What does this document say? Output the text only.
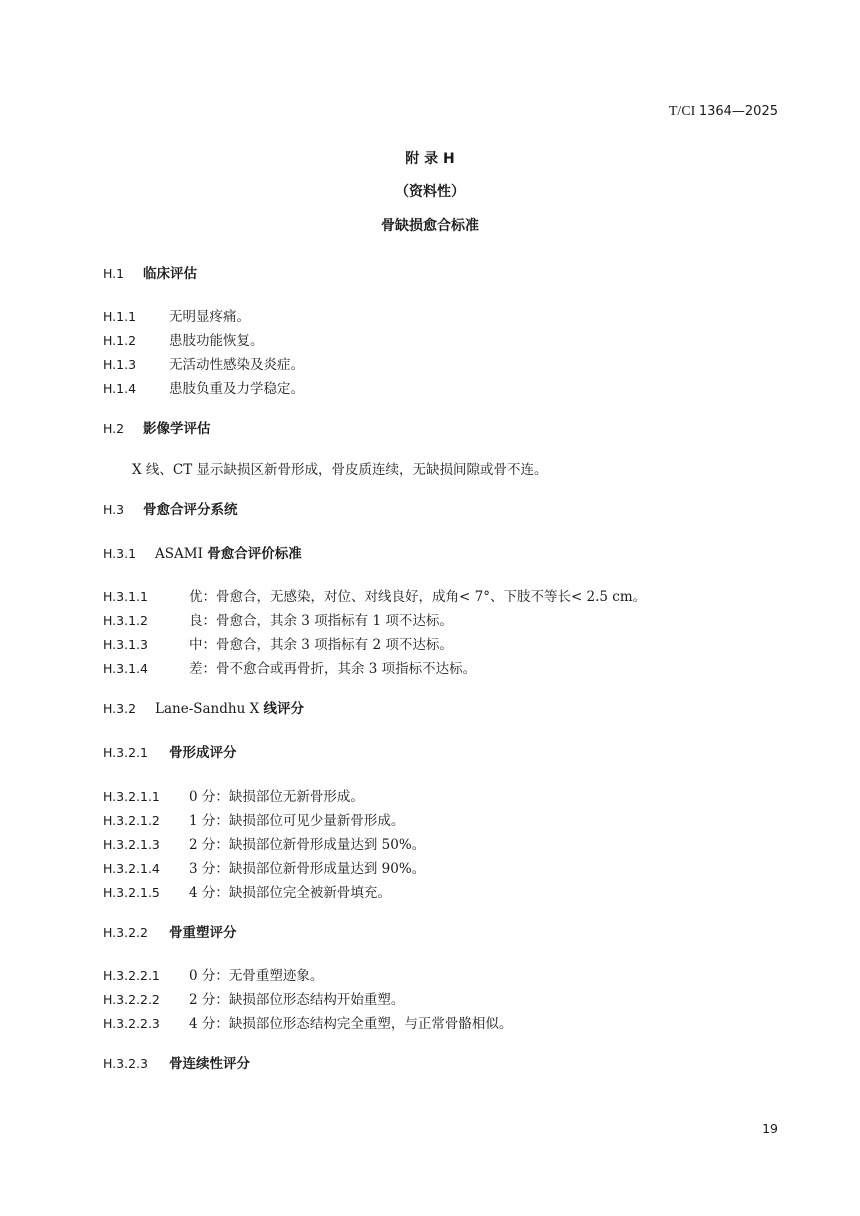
T/CI 1364—2025
附 录 H
（资料性）
骨缺损愈合标准
H.1 临床评估
H.1.1 无明显疼痛。
H.1.2 患肢功能恢复。
H.1.3 无活动性感染及炎症。
H.1.4 患肢负重及力学稳定。
H.2 影像学评估
X 线、CT 显示缺损区新骨形成，骨皮质连续，无缺损间隙或骨不连。
H.3 骨愈合评分系统
H.3.1 ASAMI 骨愈合评价标准
H.3.1.1	优：骨愈合，无感染，对位、对线良好，成角< 7°、下肢不等长< 2.5 cm。
H.3.1.2	良：骨愈合，其余 3 项指标有 1 项不达标。
H.3.1.3	中：骨愈合，其余 3 项指标有 2 项不达标。
H.3.1.4	差：骨不愈合或再骨折，其余 3 项指标不达标。
H.3.2 Lane-Sandhu X 线评分
H.3.2.1 骨形成评分
H.3.2.1.1 0 分：缺损部位无新骨形成。
H.3.2.1.2 1 分：缺损部位可见少量新骨形成。
H.3.2.1.3 2 分：缺损部位新骨形成量达到 50%。
H.3.2.1.4 3 分：缺损部位新骨形成量达到 90%。
H.3.2.1.5 4 分：缺损部位完全被新骨填充。
H.3.2.2 骨重塑评分
H.3.2.2.1 0 分：无骨重塑迹象。
H.3.2.2.2 2 分：缺损部位形态结构开始重塑。
H.3.2.2.3 4 分：缺损部位形态结构完全重塑，与正常骨骼相似。
H.3.2.3 骨连续性评分
19
